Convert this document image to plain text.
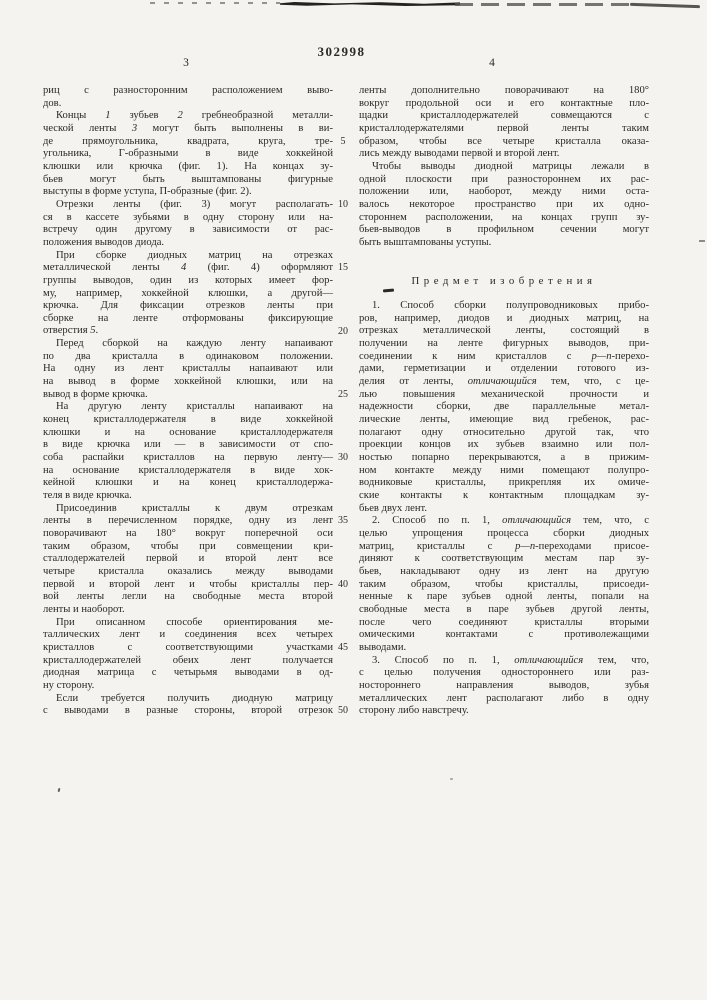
302998
3	4
риц с разносторонним расположением выво-
дов.
Концы 1 зубьев 2 гребнеобразной металли-
ческой ленты 3 могут быть выполнены в ви-
де прямоугольника, квадрата, круга, тре-
угольника, Г-образными в виде хоккейной
клюшки или крючка (фиг. 1). На концах зу-
бьев могут быть выштампованы фигурные
выступы в форме уступа, П-образные (фиг. 2).
Отрезки ленты (фиг. 3) могут располагать-
ся в кассете зубьями в одну сторону или на-
встречу один другому в зависимости от рас-
положения выводов диода.
При сборке диодных матриц на отрезках
металлической ленты 4 (фиг. 4) оформляют
группы выводов, один из которых имеет фор-
му, например, хоккейной клюшки, а другой—
крючка. Для фиксации отрезков ленты при
сборке на ленте отформованы фиксирующие
отверстия 5.
Перед сборкой на каждую ленту напаивают
по два кристалла в одинаковом положении.
На одну из лент кристаллы напаивают или
на вывод в форме хоккейной клюшки, или на
вывод в форме крючка.
На другую ленту кристаллы напаивают на
конец кристаллодержателя в виде хоккейной
клюшки и на основание кристаллодержателя
в виде крючка или — в зависимости от спо-
соба распайки кристаллов на первую ленту—
на основание кристаллодержателя в виде хок-
кейной клюшки и на конец кристаллодержа-
теля в виде крючка.
Присоединив кристаллы к двум отрезкам
ленты в перечисленном порядке, одну из лент
поворачивают на 180° вокруг поперечной оси
таким образом, чтобы при совмещении кри-
сталлодержателей первой и второй лент все
четыре кристалла оказались между выводами
первой и второй лент и чтобы кристаллы пер-
вой ленты легли на свободные места второй
ленты и наоборот.
При описанном способе ориентирования ме-
таллических лент и соединения всех четырех
кристаллов с соответствующими участками
кристаллодержателей обеих лент получается
диодная матрица с четырьмя выводами в од-
ну сторону.
Если требуется получить диодную матрицу
с выводами в разные стороны, второй отрезок
5
10
15
20
25
30
35
40
45
50
ленты дополнительно поворачивают на 180°
вокруг продольной оси и его контактные пло-
щадки кристаллодержателей совмещаются с
кристаллодержателями первой ленты таким
образом, чтобы все четыре кристалла оказа-
лись между выводами первой и второй лент.
Чтобы выводы диодной матрицы лежали в
одной плоскости при разностороннем их рас-
положении или, наоборот, между ними оста-
валось некоторое пространство при их одно-
стороннем расположении, на концах групп зу-
бьев-выводов в профильном сечении могут
быть выштампованы уступы.
Предмет изобретения
1. Способ сборки полупроводниковых прибо-
ров, например, диодов и диодных матриц, на
отрезках металлической ленты, состоящий в
получении на ленте фигурных выводов, при-
соединении к ним кристаллов с p—n-перехо-
дами, герметизации и отделении готового из-
делия от ленты, отличающийся тем, что, с це-
лью повышения механической прочности и
надежности сборки, две параллельные метал-
лические ленты, имеющие вид гребенок, рас-
полагают одну относительно другой так, что
проекции концов их зубьев взаимно или пол-
ностью попарно перекрываются, а в прижим-
ном контакте между ними помещают полупро-
водниковые кристаллы, прикрепляя их омиче-
ские контакты к контактным площадкам зу-
бьев двух лент.
2. Способ по п. 1, отличающийся тем, что, с
целью упрощения процесса сборки диодных
матриц, кристаллы с p—n-переходами присое-
диняют к соответствующим местам пар зу-
бьев, накладывают одну из лент на другую
таким образом, чтобы кристаллы, присоеди-
ненные к паре зубьев одной ленты, попали на
свободные места в паре зубьев другой ленты,
после чего соединяют кристаллы вторыми
омическими контактами с противолежащими
выводами.
3. Способ по п. 1, отличающийся тем, что,
с целью получения одностороннего или раз-
ностороннего направления выводов, зубья
металлических лент располагают либо в одну
сторону либо навстречу.
